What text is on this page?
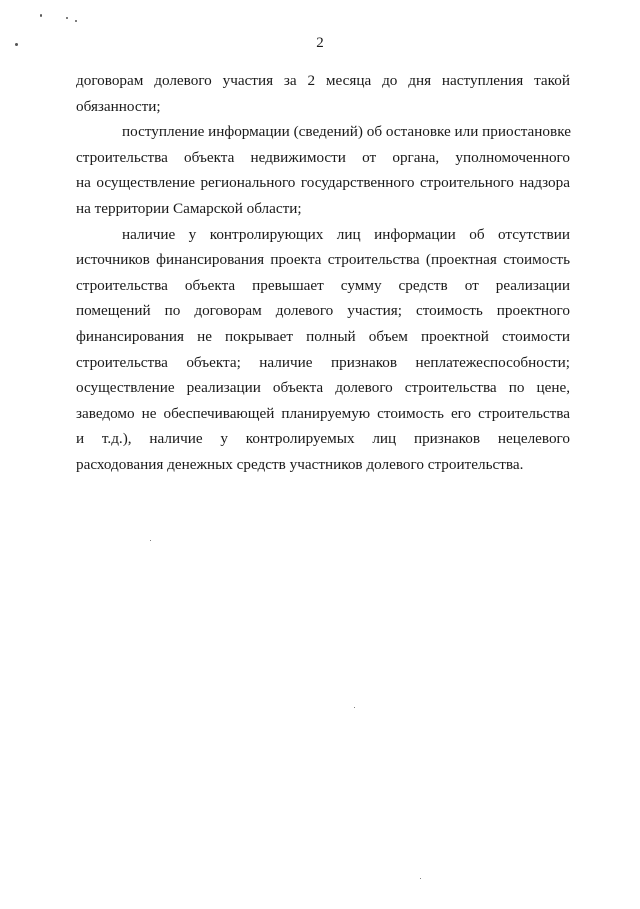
2
договорам долевого участия за 2 месяца до дня наступления такой
обязанности;
поступление информации (сведений) об остановке или приостановке
строительства объекта недвижимости от органа, уполномоченного
на осуществление регионального государственного строительного надзора
на территории Самарской области;
наличие у контролирующих лиц информации об отсутствии
источников финансирования проекта строительства (проектная стоимость
строительства объекта превышает сумму средств от реализации
помещений по договорам долевого участия; стоимость проектного
финансирования не покрывает полный объем проектной стоимости
строительства объекта; наличие признаков неплатежеспособности;
осуществление реализации объекта долевого строительства по цене,
заведомо не обеспечивающей планируемую стоимость его строительства
и т.д.), наличие у контролируемых лиц признаков нецелевого
расходования денежных средств участников долевого строительства.
